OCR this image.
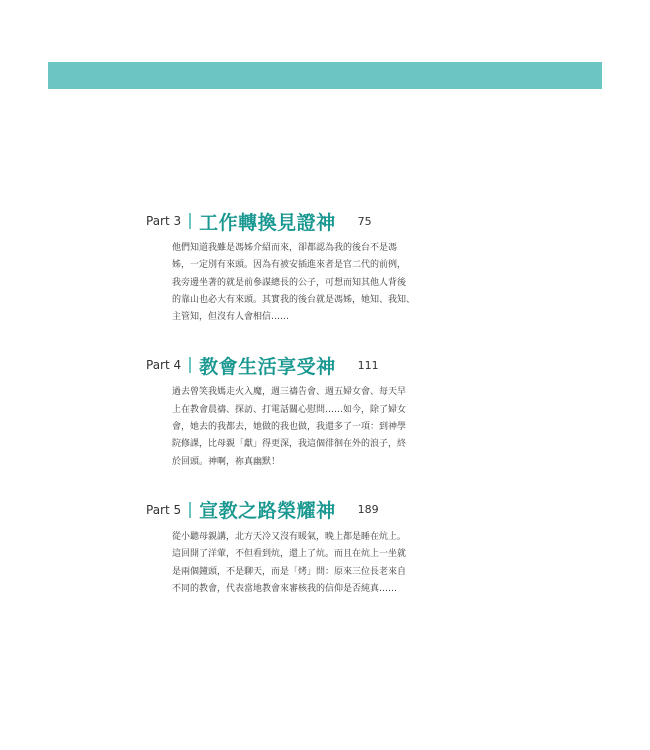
Part 3 工作轉換見證神 75
他們知道我雖是馮姊介紹而來，卻都認為我的後台不是馮
姊，一定別有來頭。因為有被安插進來者是官二代的前例，
我旁邊坐著的就是前參謀總長的公子，可想而知其他人背後
的靠山也必大有來頭。其實我的後台就是馮姊，她知、我知、
主管知，但沒有人會相信……
Part 4 教會生活享受神 111
過去曾笑我媽走火入魔，週三禱告會、週五婦女會、每天早
上在教會晨禱、探訪、打電話關心慰問……如今，除了婦女
會，她去的我都去，她做的我也做，我還多了一項：到神學
院修課，比母親「獻」得更深，我這個徘徊在外的浪子，終
於回頭。神啊，祢真幽默！
Part 5 宣教之路榮耀神 189
從小聽母親講，北方天冷又沒有暖氣，晚上都是睡在炕上。
這回開了洋葷，不但看到炕，還上了炕。而且在炕上一坐就
是兩個鐘頭，不是聊天，而是「烤」問：原來三位長老來自
不同的教會，代表當地教會來審核我的信仰是否純真……
